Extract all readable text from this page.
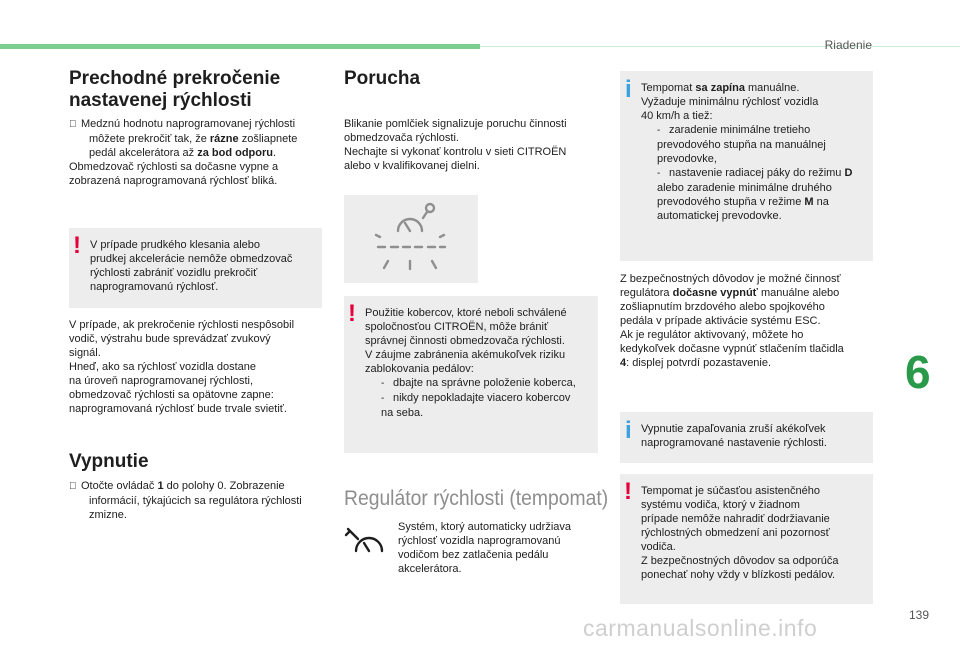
Riadenie
Prechodné prekročenie
nastavenej rýchlosti
Medznú hodnotu naprogramovanej rýchlosti
môžete prekročiť tak, že rázne zošliapnete
pedál akcelerátora až za bod odporu.
Obmedzovač rýchlosti sa dočasne vypne a
zobrazená naprogramovaná rýchlosť bliká.
! V prípade prudkého klesania alebo
prudkej akcelerácie nemôže obmedzovač
rýchlosti zabrániť vozidlu prekročiť
naprogramovanú rýchlosť.
V prípade, ak prekročenie rýchlosti nespôsobil
vodič, výstrahu bude sprevádzať zvukový
signál.
Hneď, ako sa rýchlosť vozidla dostane
na úroveň naprogramovanej rýchlosti,
obmedzovač rýchlosti sa opätovne zapne:
naprogramovaná rýchlosť bude trvale svietiť.
Vypnutie
Otočte ovládač 1 do polohy 0. Zobrazenie
informácií, týkajúcich sa regulátora rýchlosti
zmizne.
Porucha
Blikanie pomlčiek signalizuje poruchu činnosti
obmedzovača rýchlosti.
Nechajte si vykonať kontrolu v sieti CITROËN
alebo v kvalifikovanej dielni.
! Použitie kobercov, ktoré neboli schválené
spoločnosťou CITROËN, môže brániť
správnej činnosti obmedzovača rýchlosti.
V záujme zabránenia akémukoľvek riziku
zablokovania pedálov:
- dbajte na správne položenie koberca,
- nikdy nepokladajte viacero kobercov
na seba.
Regulátor rýchlosti (tempomat)
Systém, ktorý automaticky udržiava
rýchlosť vozidla naprogramovanú
vodičom bez zatlačenia pedálu
akcelerátora.
i Tempomat sa zapína manuálne.
Vyžaduje minimálnu rýchlosť vozidla
40 km/h a tiež:
- zaradenie minimálne tretieho
prevodového stupňa na manuálnej
prevodovke,
- nastavenie radiacej páky do režimu D
alebo zaradenie minimálne druhého
prevodového stupňa v režime M na
automatickej prevodovke.
Z bezpečnostných dôvodov je možné činnosť
regulátora dočasne vypnúť manuálne alebo
zošliapnutím brzdového alebo spojkového
pedála v prípade aktivácie systému ESC.
Ak je regulátor aktivovaný, môžete ho
kedykoľvek dočasne vypnúť stlačením tlačidla
4: displej potvrdí pozastavenie.
i Vypnutie zapaľovania zruší akékoľvek
naprogramované nastavenie rýchlosti.
! Tempomat je súčasťou asistenčného
systému vodiča, ktorý v žiadnom
prípade nemôže nahradiť dodržiavanie
rýchlostných obmedzení ani pozornosť
vodiča.
Z bezpečnostných dôvodov sa odporúča
ponechať nohy vždy v blízkosti pedálov.
6
139
carmanualsonline.info
